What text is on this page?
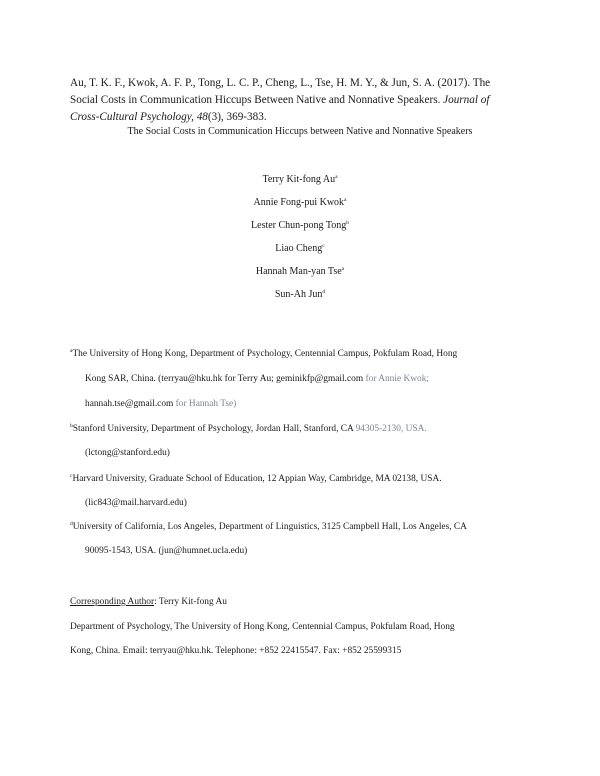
Au, T. K. F., Kwok, A. F. P., Tong, L. C. P., Cheng, L., Tse, H. M. Y., & Jun, S. A. (2017). The
Social Costs in Communication Hiccups Between Native and Nonnative Speakers. Journal of
Cross-Cultural Psychology, 48(3), 369-383.
The Social Costs in Communication Hiccups between Native and Nonnative Speakers
Terry Kit-fong Au$^a$
Annie Fong-pui Kwok$^a$
Lester Chun-pong Tong$^b$
Liao Cheng$^c$
Hannah Man-yan Tse$^a$
Sun-Ah Jun$^d$
$^a$The University of Hong Kong, Department of Psychology, Centennial Campus, Pokfulam Road, Hong
Kong SAR, China. (terryau@hku.hk for Terry Au; geminikfp@gmail.com for Annie Kwok;
hannah.tse@gmail.com for Hannah Tse)
$^b$Stanford University, Department of Psychology, Jordan Hall, Stanford, CA 94305-2130, USA.
(lctong@stanford.edu)
$^c$Harvard University, Graduate School of Education, 12 Appian Way, Cambridge, MA 02138, USA.
(lic843@mail.harvard.edu)
$^d$University of California, Los Angeles, Department of Linguistics, 3125 Campbell Hall, Los Angeles, CA
90095-1543, USA. (jun@humnet.ucla.edu)
Corresponding Author: Terry Kit-fong Au
Department of Psychology, The University of Hong Kong, Centennial Campus, Pokfulam Road, Hong
Kong, China. Email: terryau@hku.hk. Telephone: +852 22415547. Fax: +852 25599315
